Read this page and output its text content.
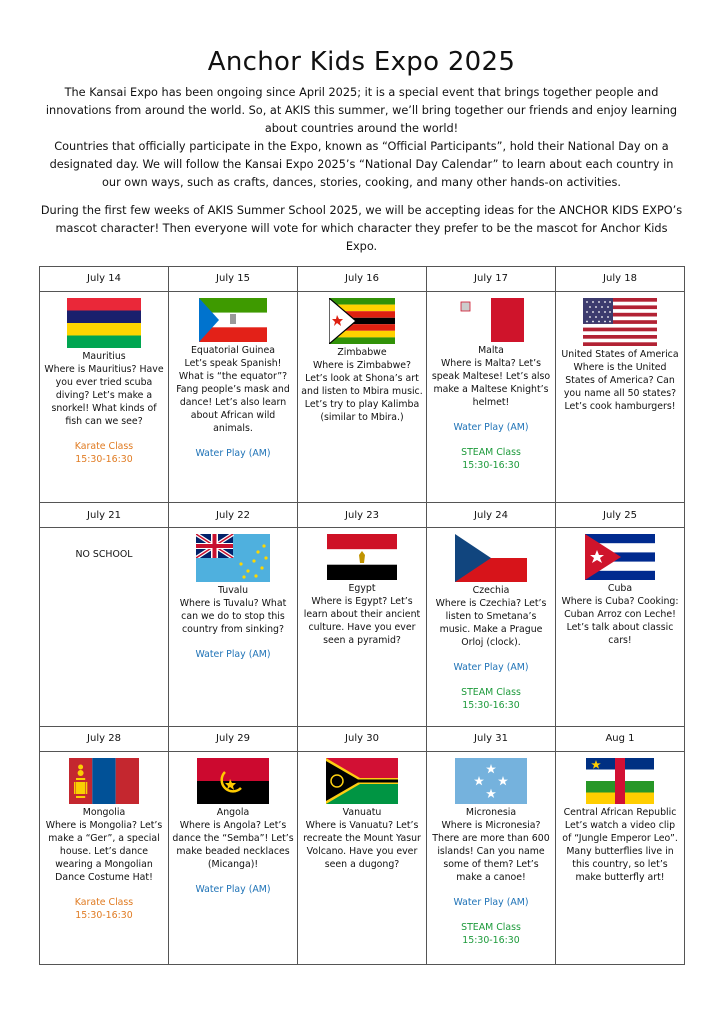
Anchor Kids Expo 2025

The Kansai Expo has been ongoing since April 2025; it is a special event that brings together people and innovations from around the world. So, at AKIS this summer, we’ll bring together our friends and enjoy learning about countries around the world!

Countries that officially participate in the Expo, known as “Official Participants”, hold their National Day on a designated day. We will follow the Kansai Expo 2025’s “National Day Calendar” to learn about each country in our own ways, such as crafts, dances, stories, cooking, and many other hands-on activities.

During the first few weeks of AKIS Summer School 2025, we will be accepting ideas for the ANCHOR KIDS EXPO’s mascot character! Then everyone will vote for which character they prefer to be the mascot for Anchor Kids Expo.
July 14	July 15	July 16	July 17	July 18

Mauritius
Where is Mauritius? Have you ever tried scuba diving? Let’s make a snorkel! What kinds of fish can we see?
Karate Class
15:30-16:30	Equatorial Guinea
Let’s speak Spanish! What is “the equator”? Fang people’s mask and dance! Let’s also learn about African wild animals.
Water Play (AM)	Zimbabwe
Where is Zimbabwe? Let’s look at Shona’s art and listen to Mbira music. Let’s try to play Kalimba (similar to Mbira.)	Malta
Where is Malta? Let’s speak Maltese! Let’s also make a Maltese Knight’s helmet!
Water Play (AM)
STEAM Class
15:30-16:30	United States of America
Where is the United States of America? Can you name all 50 states? Let’s cook hamburgers!

July 21	July 22	July 23	July 24	July 25

NO SCHOOL	Tuvalu
Where is Tuvalu? What can we do to stop this country from sinking?
Water Play (AM)	Egypt
Where is Egypt? Let’s learn about their ancient culture. Have you ever seen a pyramid?	Czechia
Where is Czechia? Let’s listen to Smetana’s music. Make a Prague Orloj (clock).
Water Play (AM)
STEAM Class
15:30-16:30	Cuba
Where is Cuba? Cooking: Cuban Arroz con Leche! Let’s talk about classic cars!

July 28	July 29	July 30	July 31	Aug 1

Mongolia
Where is Mongolia? Let’s make a “Ger”, a special house. Let’s dance wearing a Mongolian Dance Costume Hat!
Karate Class
15:30-16:30	Angola
Where is Angola? Let’s dance the “Semba”! Let’s make beaded necklaces (Micanga)!
Water Play (AM)	Vanuatu
Where is Vanuatu? Let’s recreate the Mount Yasur Volcano. Have you ever seen a dugong?	Micronesia
Where is Micronesia? There are more than 600 islands! Can you name some of them? Let’s make a canoe!
Water Play (AM)
STEAM Class
15:30-16:30	Central African Republic
Let’s watch a video clip of “Jungle Emperor Leo”. Many butterflies live in this country, so let’s make butterfly art!
